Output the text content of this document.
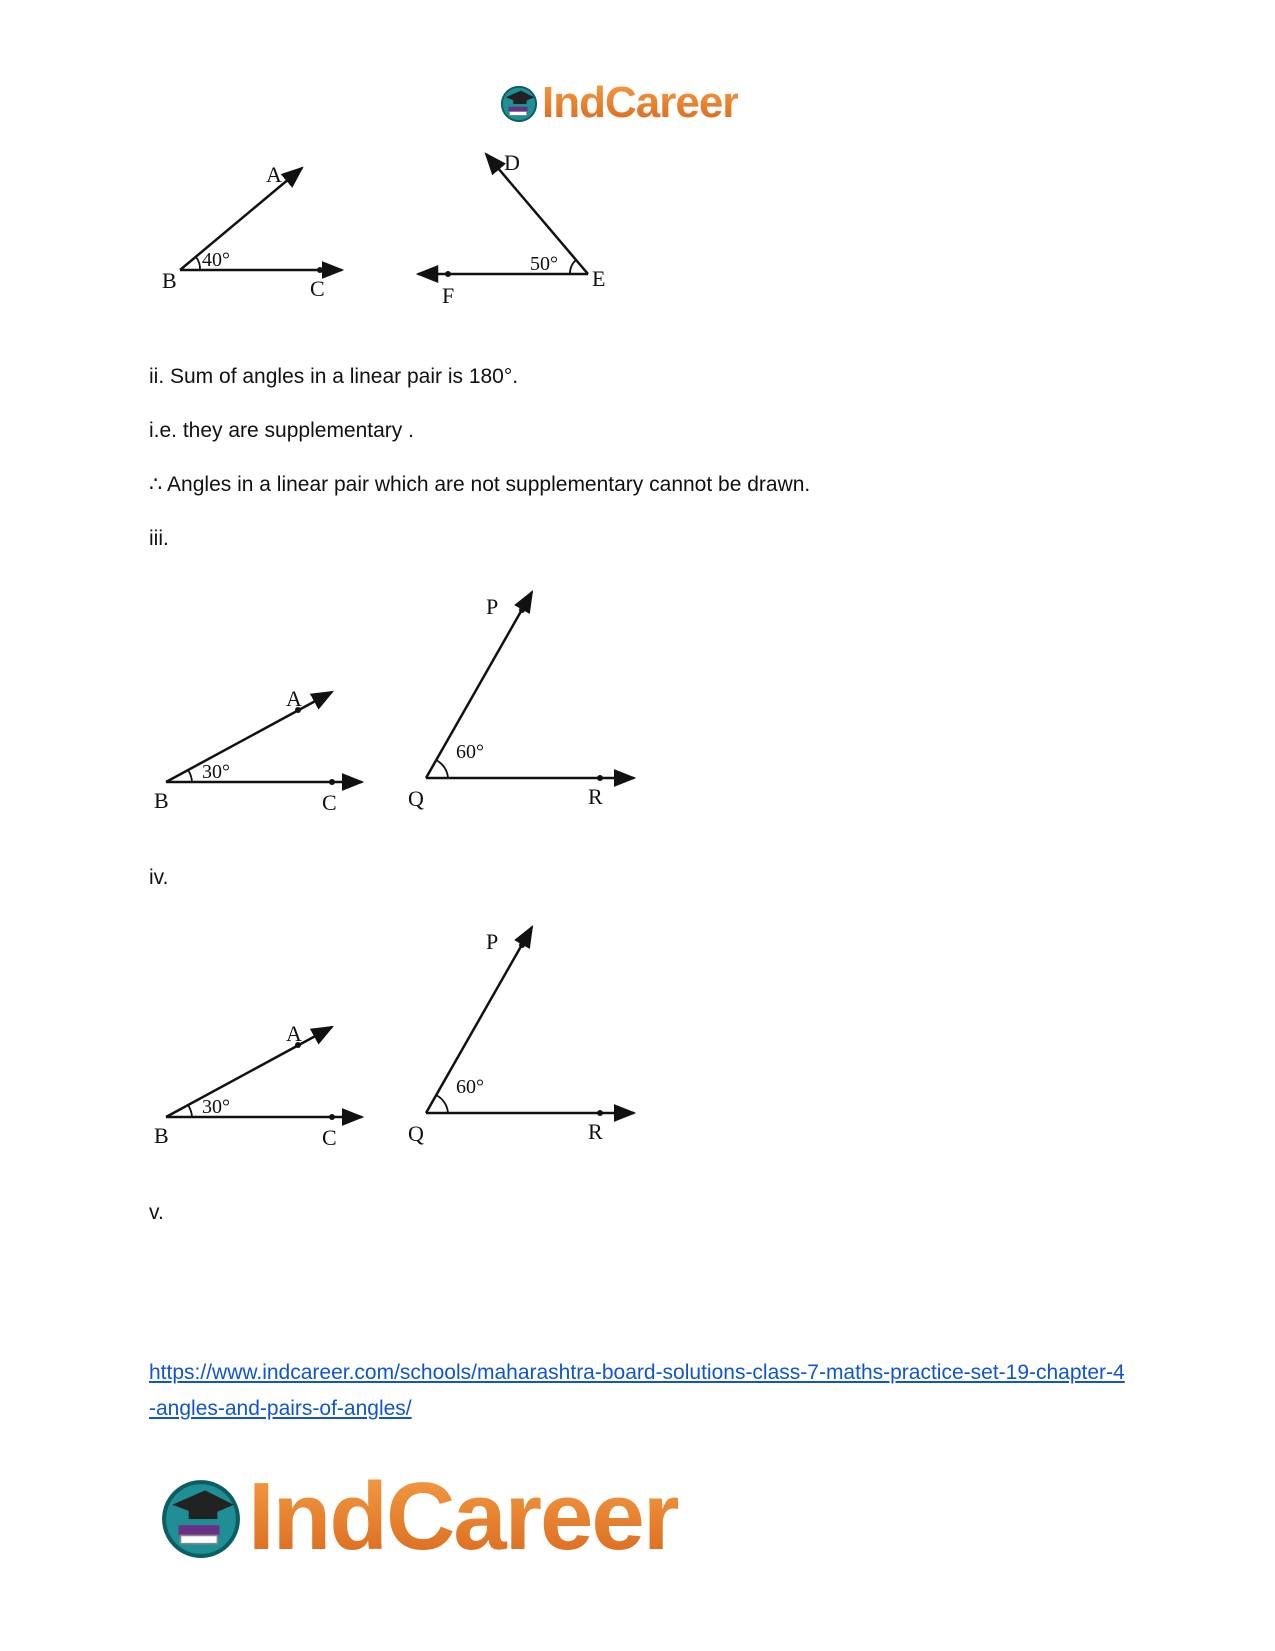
IndCareer
B
A
C
40°
D
E
F
50°

ii. Sum of angles in a linear pair is 180°.

i.e. they are supplementary .

∴ Angles in a linear pair which are not supplementary cannot be drawn.

iii.

B
A
C
30°
P
Q	R
60°

iv.

B
A
C
30°
P
Q	R
60°

v.

https://www.indcareer.com/schools/maharashtra-board-solutions-class-7-maths-practice-set-19-chapter-4-angles-and-pairs-of-angles/
IndCareer
